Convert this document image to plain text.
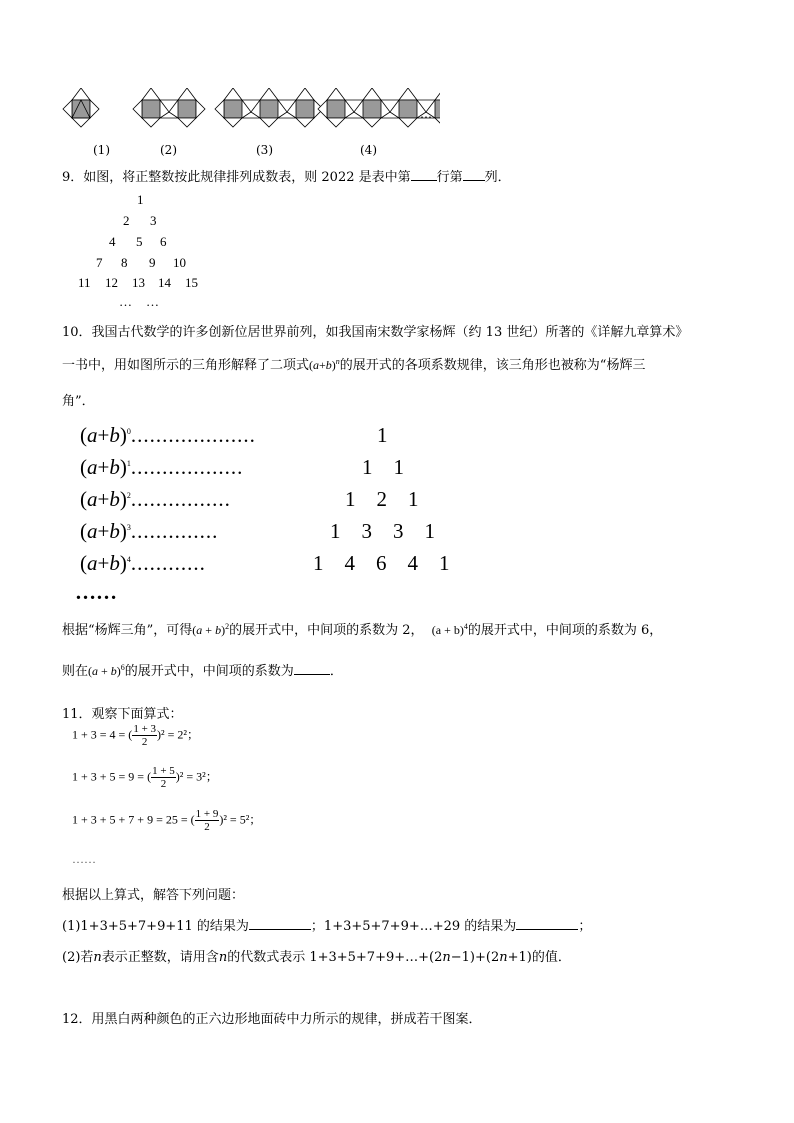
(1)	(2)	(3)	(4)
…
9．如图，将正整数按此规律排列成数表，则 2022 是表中第 行第 列．
1
2 3
4 5 6
7 8 9 10
11 12 13 14 15
… …
10．我国古代数学的许多创新位居世界前列，如我国南宋数学家杨辉（约 13 世纪）所著的《详解九章算术》
一书中，用如图所示的三角形解释了二项式$(a+b)^n$的展开式的各项系数规律，该三角形也被称为“杨辉三
角”．
$(a+b)^0$....................	1
$(a+b)^1$..................	1    1
$(a+b)^2$................	1    2    1
$(a+b)^3$..............	1    3    3    1
$(a+b)^4$............	1    4    6    4    1
……
根据“杨辉三角”，可得$(a + b)^2$的展开式中，中间项的系数为 2， $(a + b)^4$的展开式中，中间项的系数为 6，
则在$(a + b)^6$的展开式中，中间项的系数为	．
11．观察下面算式：
1 + 3 = 4 = ( $\frac{1 + 3}{2} )^2 = 2^2$；
1 + 3 + 5 = 9 = ( $\frac{1 + 5}{2} )^2 = 3^2$；
1 + 3 + 5 + 7 + 9 = 25 = ( $\frac{1 + 9}{2} )^2 = 5^2$；
……
根据以上算式，解答下列问题：
(1)1+3+5+7+9+11 的结果为	；1+3+5+7+9+…+29 的结果为	；
(2)若n表示正整数，请用含n的代数式表示 1+3+5+7+9+…+(2n−1)+(2n+1)的值．
12．用黑白两种颜色的正六边形地面砖中力所示的规律，拼成若干图案．
